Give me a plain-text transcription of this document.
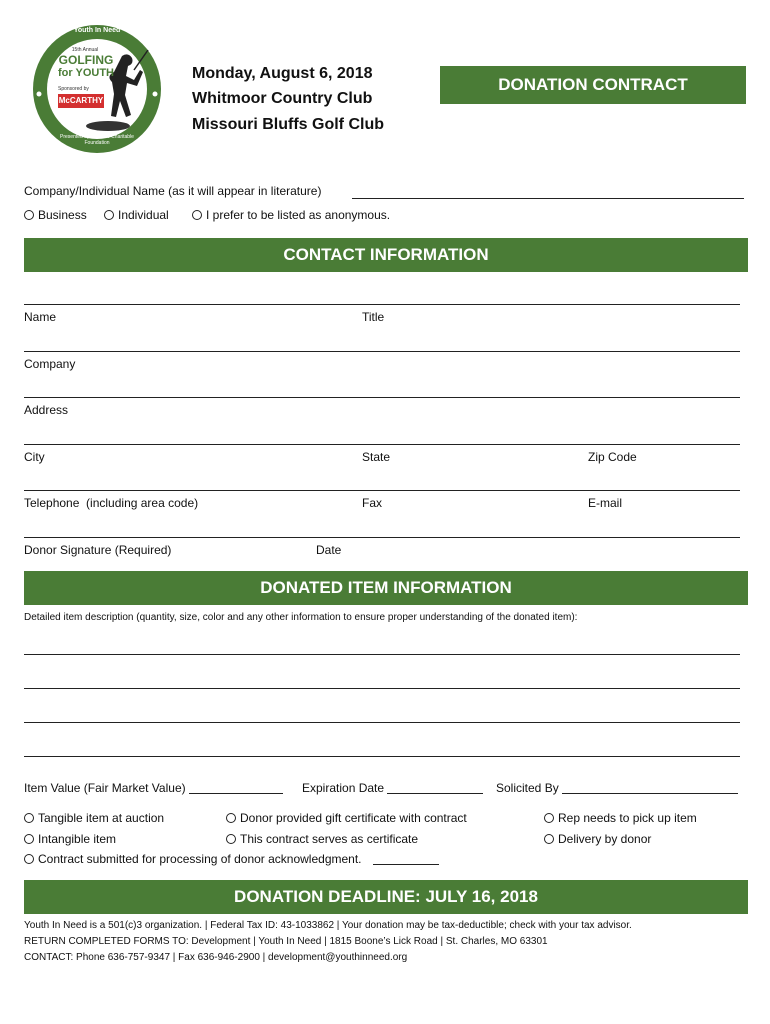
Youth In Need
15th Annual
GOLFING
for YOUTH
Sponsored by
McCARTHY
Presented by Centene Charitable Foundation
Monday, August 6, 2018
Whitmoor Country Club
Missouri Bluffs Golf Club
DONATION CONTRACT
Company/Individual Name (as it will appear in literature)
Business	Individual	I prefer to be listed as anonymous.
CONTACT INFORMATION
Name	Title
Company
Address
City	State	Zip Code
Telephone  (including area code)	Fax	E-mail
Donor Signature (Required)	Date
DONATED ITEM INFORMATION
Detailed item description (quantity, size, color and any other information to ensure proper understanding of the donated item):
Item Value (Fair Market Value)	Expiration Date	Solicited By
Tangible item at auction
Intangible item
Donor provided gift certificate with contract
This contract serves as certificate
Rep needs to pick up item
Delivery by donor
Contract submitted for processing of donor acknowledgment.
DONATION DEADLINE: JULY 16, 2018
Youth In Need is a 501(c)3 organization. | Federal Tax ID: 43-1033862 | Your donation may be tax-deductible; check with your tax advisor.
RETURN COMPLETED FORMS TO: Development | Youth In Need | 1815 Boone’s Lick Road | St. Charles, MO 63301
CONTACT: Phone 636-757-9347 | Fax 636-946-2900 | development@youthinneed.org
